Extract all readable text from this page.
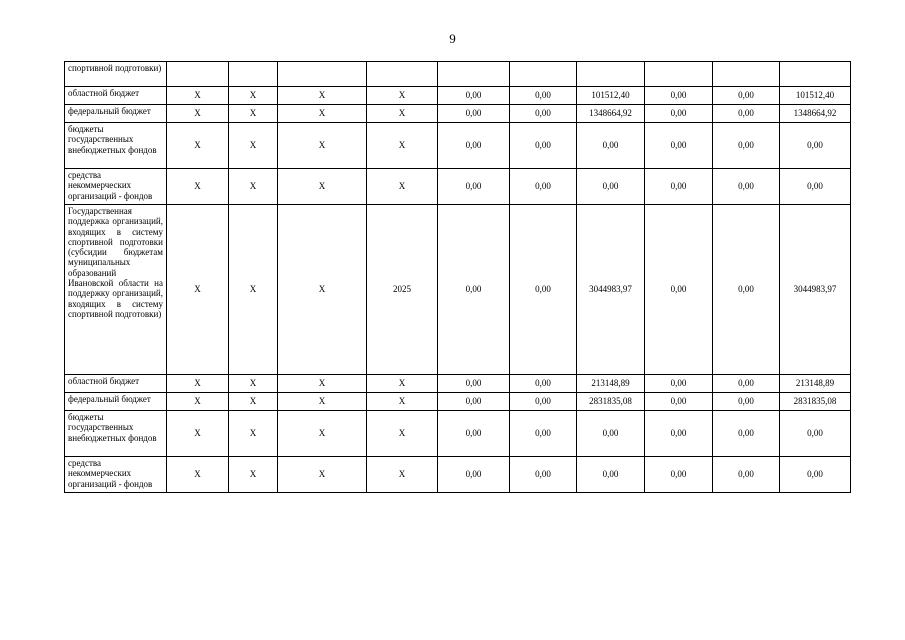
9
спортивной подготовки)										
областной бюджет	X	X	X	X	0,00	0,00	101512,40	0,00	0,00	101512,40
федеральный бюджет	X	X	X	X	0,00	0,00	1348664,92	0,00	0,00	1348664,92
бюджеты государственных внебюджетных фондов	X	X	X	X	0,00	0,00	0,00	0,00	0,00	0,00
средства некоммерческих организаций - фондов	X	X	X	X	0,00	0,00	0,00	0,00	0,00	0,00
Государственная поддержка организаций, входящих в систему спортивной подготовки (субсидии бюджетам муниципальных образований Ивановской области на поддержку организаций, входящих в систему спортивной подготовки)	X	X	X	2025	0,00	0,00	3044983,97	0,00	0,00	3044983,97
областной бюджет	X	X	X	X	0,00	0,00	213148,89	0,00	0,00	213148,89
федеральный бюджет	X	X	X	X	0,00	0,00	2831835,08	0,00	0,00	2831835,08
бюджеты государственных внебюджетных фондов	X	X	X	X	0,00	0,00	0,00	0,00	0,00	0,00
средства некоммерческих организаций - фондов	X	X	X	X	0,00	0,00	0,00	0,00	0,00	0,00
